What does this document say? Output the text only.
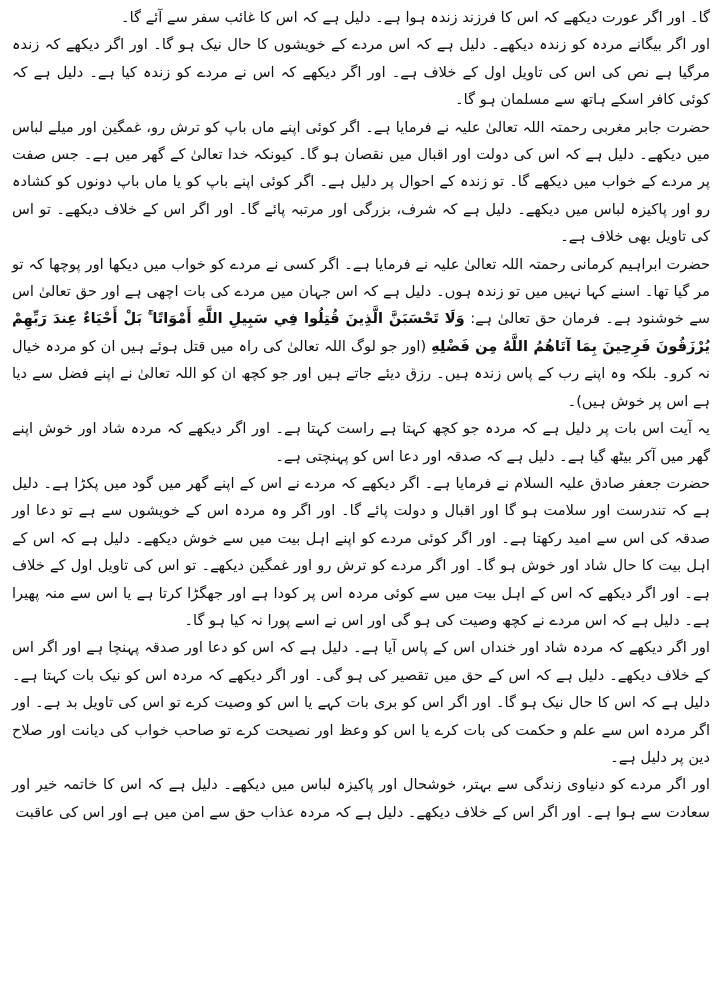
گا۔ اور اگر عورت دیکھے کہ اس کا فرزند زندہ ہوا ہے۔ دلیل ہے کہ اس کا غائب سفر سے آئے گا۔

اور اگر بیگانے مردہ کو زندہ دیکھے۔ دلیل ہے کہ اس مردے کے خویشوں کا حال نیک ہو گا۔ اور اگر دیکھے کہ زندہ مرگیا ہے نص کی اس کی تاویل اول کے خلاف ہے۔ اور اگر دیکھے کہ اس نے مردے کو زندہ کیا ہے۔ دلیل ہے کہ کوئی کافر اسکے ہاتھ سے مسلمان ہو گا۔

حضرت جابر مغربی رحمتہ اللہ تعالیٰ علیہ نے فرمایا ہے۔ اگر کوئی اپنے ماں باپ کو ترش رو، غمگین اور میلے لباس میں دیکھے۔ دلیل ہے کہ اس کی دولت اور اقبال میں نقصان ہو گا۔ کیونکہ خدا تعالیٰ کے گھر میں ہے۔ جس صفت پر مردے کے خواب میں دیکھے گا۔ تو زندہ کے احوال پر دلیل ہے۔ اگر کوئی اپنے باپ کو یا ماں باپ دونوں کو کشادہ رو اور پاکیزہ لباس میں دیکھے۔ دلیل ہے کہ شرف، بزرگی اور مرتبہ پائے گا۔ اور اگر اس کے خلاف دیکھے۔ تو اس کی تاویل بھی خلاف ہے۔

حضرت ابراہیم کرمانی رحمتہ اللہ تعالیٰ علیہ نے فرمایا ہے۔ اگر کسی نے مردے کو خواب میں دیکھا اور پوچھا کہ تو مر گیا تھا۔ اسنے کہا نہیں میں تو زندہ ہوں۔ دلیل ہے کہ اس جہان میں مردے کی بات اچھی ہے اور حق تعالیٰ اس سے خوشنود ہے۔ فرمان حق تعالیٰ ہے: وَلَا تَحْسَبَنَّ الَّذِينَ قُتِلُوا فِي سَبِيلِ اللَّهِ أَمْوَاتًا ۚ بَلْ أَحْيَاءٌ عِندَ رَبِّهِمْ يُرْزَقُونَ فَرِحِينَ بِمَا آتَاهُمُ اللَّهُ مِن فَضْلِهِ (اور جو لوگ اللہ تعالیٰ کی راہ میں قتل ہوئے ہیں ان کو مردہ خیال نہ کرو۔ بلکہ وہ اپنے رب کے پاس زندہ ہیں۔ رزق دیئے جاتے ہیں اور جو کچھ ان کو اللہ تعالیٰ نے اپنے فضل سے دیا ہے اس پر خوش ہیں)۔

یہ آیت اس بات پر دلیل ہے کہ مردہ جو کچھ کہتا ہے راست کہتا ہے۔ اور اگر دیکھے کہ مردہ شاد اور خوش اپنے گھر میں آکر بیٹھ گیا ہے۔ دلیل ہے کہ صدقہ اور دعا اس کو پہنچتی ہے۔

حضرت جعفر صادق علیہ السلام نے فرمایا ہے۔ اگر دیکھے کہ مردے نے اس کے اپنے گھر میں گود میں پکڑا ہے۔ دلیل ہے کہ تندرست اور سلامت ہو گا اور اقبال و دولت پائے گا۔ اور اگر وہ مردہ اس کے خویشوں سے ہے تو دعا اور صدقہ کی اس سے امید رکھتا ہے۔ اور اگر کوئی مردے کو اپنے اہل بیت میں سے خوش دیکھے۔ دلیل ہے کہ اس کے اہل بیت کا حال شاد اور خوش ہو گا۔ اور اگر مردے کو ترش رو اور غمگین دیکھے۔ تو اس کی تاویل اول کے خلاف ہے۔ اور اگر دیکھے کہ اس کے اہل بیت میں سے کوئی مردہ اس پر کودا ہے اور جھگڑا کرتا ہے یا اس سے منہ پھیرا ہے۔ دلیل ہے کہ اس مردے نے کچھ وصیت کی ہو گی اور اس نے اسے پورا نہ کیا ہو گا۔

اور اگر دیکھے کہ مردہ شاد اور خنداں اس کے پاس آیا ہے۔ دلیل ہے کہ اس کو دعا اور صدقہ پہنچا ہے اور اگر اس کے خلاف دیکھے۔ دلیل ہے کہ اس کے حق میں تقصیر کی ہو گی۔ اور اگر دیکھے کہ مردہ اس کو نیک بات کہتا ہے۔ دلیل ہے کہ اس کا حال نیک ہو گا۔ اور اگر اس کو بری بات کہے یا اس کو وصیت کرے تو اس کی تاویل بد ہے۔ اور اگر مردہ اس سے علم و حکمت کی بات کرے یا اس کو وعظ اور نصیحت کرے تو صاحب خواب کی دیانت اور صلاح دین پر دلیل ہے۔

اور اگر مردے کو دنیاوی زندگی سے بہتر، خوشحال اور پاکیزہ لباس میں دیکھے۔ دلیل ہے کہ اس کا خاتمہ خیر اور سعادت سے ہوا ہے۔ اور اگر اس کے خلاف دیکھے۔ دلیل ہے کہ مردہ عذاب حق سے امن میں ہے اور اس کی عاقبت
